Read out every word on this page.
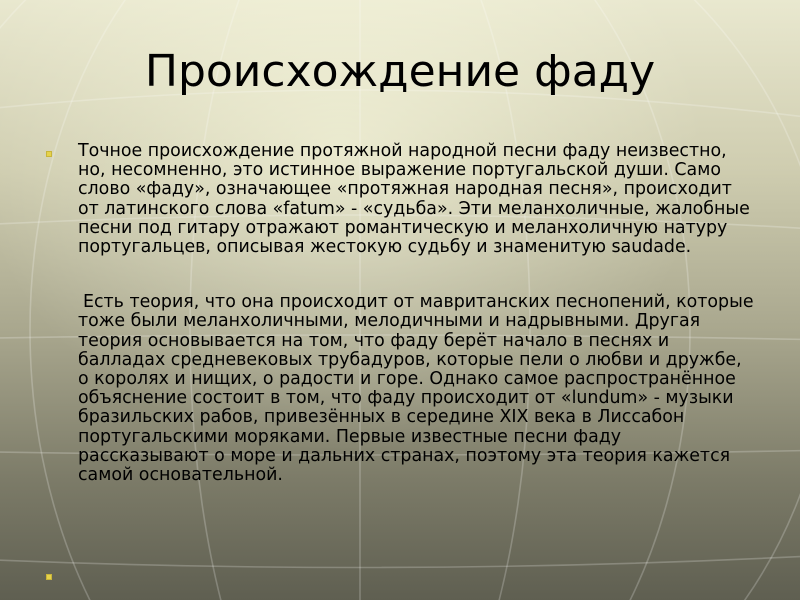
Происхождение фаду

Точное происхождение протяжной народной песни фаду неизвестно, но, несомненно, это истинное выражение португальской души. Само слово «фаду», означающее «протяжная народная песня», происходит от латинского слова «fatum» - «судьба». Эти меланхоличные, жалобные песни под гитару отражают романтическую и меланхоличную натуру португальцев, описывая жестокую судьбу и знаменитую saudade.

Есть теория, что она происходит от мавританских песнопений, которые тоже были меланхоличными, мелодичными и надрывными. Другая теория основывается на том, что фаду берёт начало в песнях и балладах средневековых трубадуров, которые пели о любви и дружбе, о королях и нищих, о радости и горе. Однако самое распространённое объяснение состоит в том, что фаду происходит от «lundum» - музыки бразильских рабов, привезённых в середине XIX века в Лиссабон португальскими моряками. Первые известные песни фаду рассказывают о море и дальних странах, поэтому эта теория кажется самой основательной.
